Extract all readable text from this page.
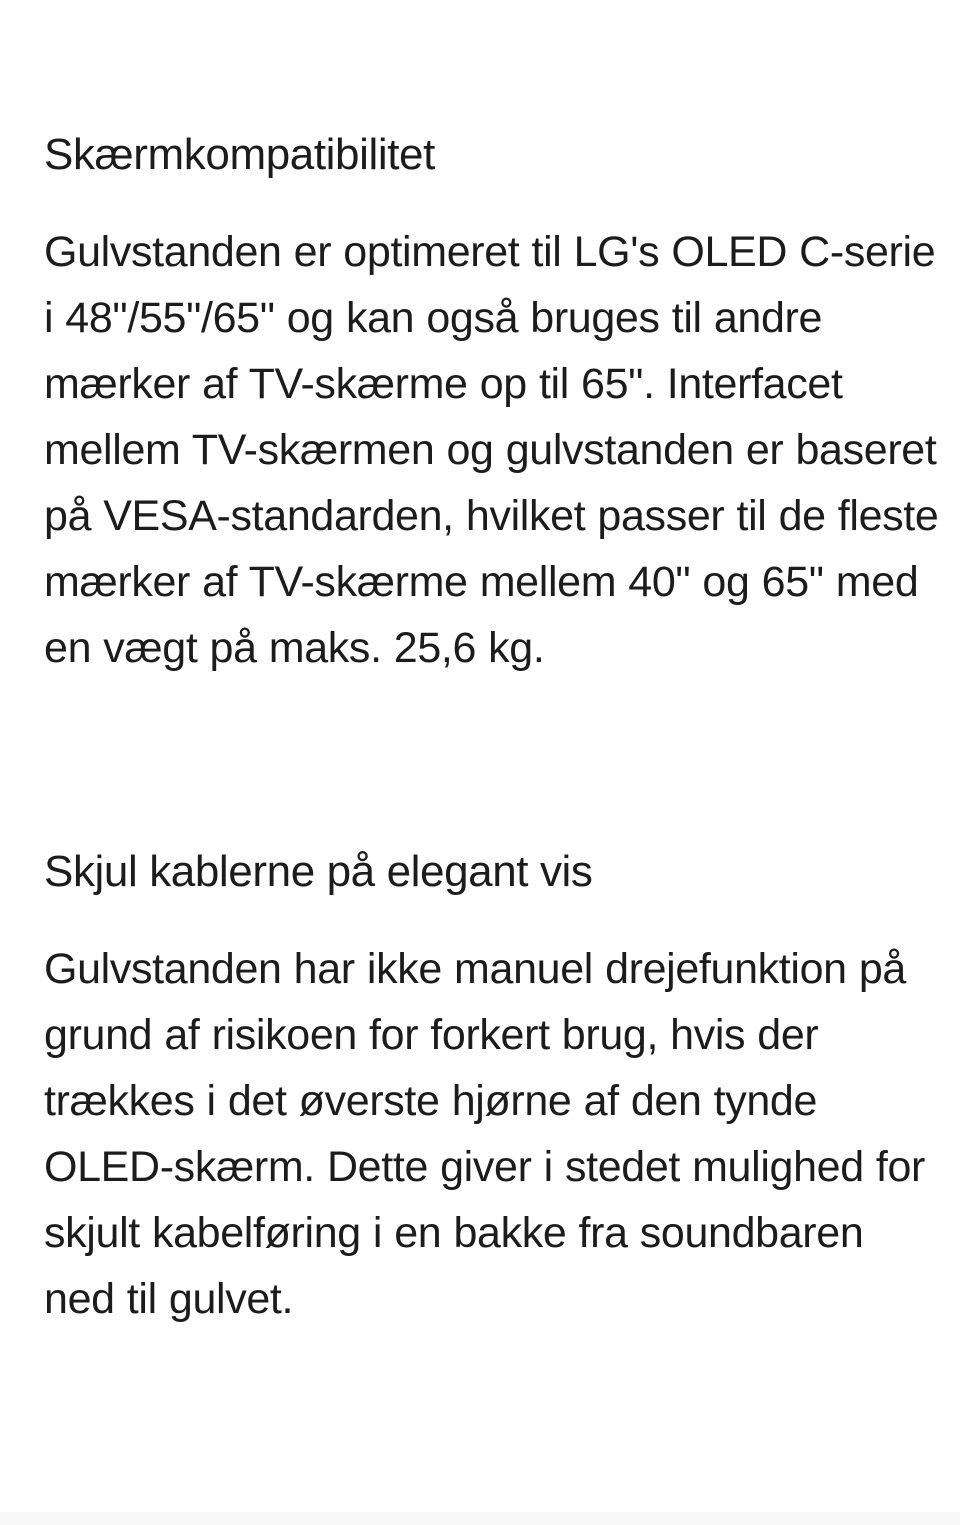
Skærmkompatibilitet

Gulvstanden er optimeret til LG's OLED C-serie i 48"/55"/65" og kan også bruges til andre mærker af TV-skærme op til 65". Interfacet mellem TV-skærmen og gulvstanden er baseret på VESA-standarden, hvilket passer til de fleste mærker af TV-skærme mellem 40" og 65" med en vægt på maks. 25,6 kg.

Skjul kablerne på elegant vis

Gulvstanden har ikke manuel drejefunktion på grund af risikoen for forkert brug, hvis der trækkes i det øverste hjørne af den tynde OLED-skærm. Dette giver i stedet mulighed for skjult kabelføring i en bakke fra soundbaren ned til gulvet.
